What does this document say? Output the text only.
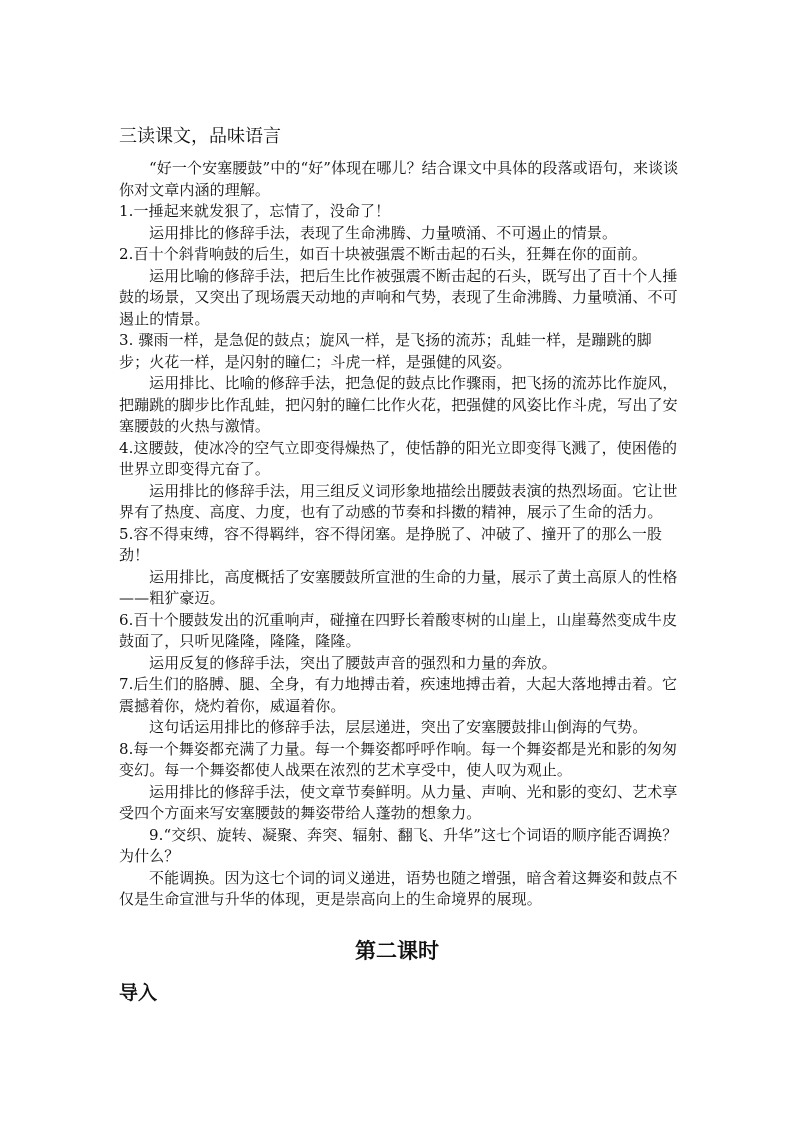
三读课文，品味语言

“好一个安塞腰鼓”中的“好”体现在哪儿？结合课文中具体的段落或语句，来谈谈你对文章内涵的理解。

1.一捶起来就发狠了，忘情了，没命了！

运用排比的修辞手法，表现了生命沸腾、力量喷涌、不可遏止的情景。

2.百十个斜背响鼓的后生，如百十块被强震不断击起的石头，狂舞在你的面前。

运用比喻的修辞手法，把后生比作被强震不断击起的石头，既写出了百十个人捶鼓的场景，又突出了现场震天动地的声响和气势，表现了生命沸腾、力量喷涌、不可遏止的情景。

3. 骤雨一样，是急促的鼓点；旋风一样，是飞扬的流苏；乱蛙一样，是蹦跳的脚步；火花一样，是闪射的瞳仁；斗虎一样，是强健的风姿。

运用排比、比喻的修辞手法，把急促的鼓点比作骤雨，把飞扬的流苏比作旋风，把蹦跳的脚步比作乱蛙，把闪射的瞳仁比作火花，把强健的风姿比作斗虎，写出了安塞腰鼓的火热与激情。

4.这腰鼓，使冰冷的空气立即变得燥热了，使恬静的阳光立即变得飞溅了，使困倦的世界立即变得亢奋了。

运用排比的修辞手法，用三组反义词形象地描绘出腰鼓表演的热烈场面。它让世界有了热度、高度、力度，也有了动感的节奏和抖擞的精神，展示了生命的活力。

5.容不得束缚，容不得羁绊，容不得闭塞。是挣脱了、冲破了、撞开了的那么一股劲！

运用排比，高度概括了安塞腰鼓所宣泄的生命的力量，展示了黄土高原人的性格——粗犷豪迈。

6.百十个腰鼓发出的沉重响声，碰撞在四野长着酸枣树的山崖上，山崖蓦然变成牛皮鼓面了，只听见隆隆，隆隆，隆隆。

运用反复的修辞手法，突出了腰鼓声音的强烈和力量的奔放。

7.后生们的胳膊、腿、全身，有力地搏击着，疾速地搏击着，大起大落地搏击着。它震撼着你，烧灼着你，威逼着你。

这句话运用排比的修辞手法，层层递进，突出了安塞腰鼓排山倒海的气势。

8.每一个舞姿都充满了力量。每一个舞姿都呼呼作响。每一个舞姿都是光和影的匆匆变幻。每一个舞姿都使人战栗在浓烈的艺术享受中，使人叹为观止。

运用排比的修辞手法，使文章节奏鲜明。从力量、声响、光和影的变幻、艺术享受四个方面来写安塞腰鼓的舞姿带给人蓬勃的想象力。

9.“交织、旋转、凝聚、奔突、辐射、翻飞、升华”这七个词语的顺序能否调换？为什么？

不能调换。因为这七个词的词义递进，语势也随之增强，暗含着这舞姿和鼓点不仅是生命宣泄与升华的体现，更是崇高向上的生命境界的展现。

第二课时
导入
